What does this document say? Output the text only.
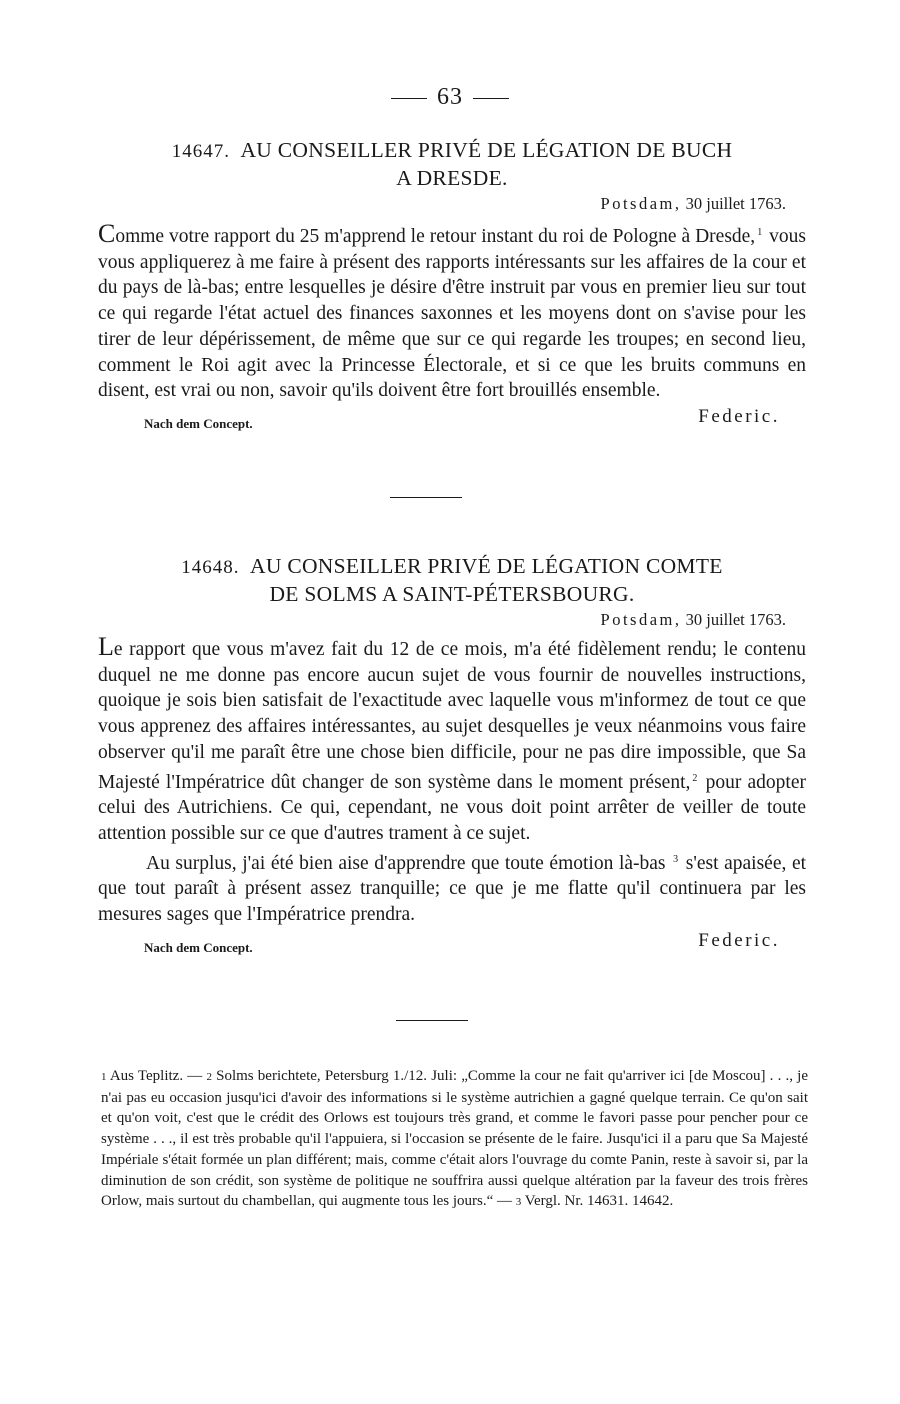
63
14647. AU CONSEILLER PRIVÉ DE LÉGATION DE BUCH
A DRESDE.
Potsdam, 30 juillet 1763.

Comme votre rapport du 25 m'apprend le retour instant du roi de Pologne à Dresde, $^1$ vous vous appliquerez à me faire à présent des rapports intéressants sur les affaires de la cour et du pays de là-bas; entre lesquelles je désire d'être instruit par vous en premier lieu sur tout ce qui regarde l'état actuel des finances saxonnes et les moyens dont on s'avise pour les tirer de leur dépérissement, de même que sur ce qui regarde les troupes; en second lieu, comment le Roi agit avec la Princesse Électorale, et si ce que les bruits communs en disent, est vrai ou non, savoir qu'ils doivent être fort brouillés ensemble.

Nach dem Concept.	Federic.
14648. AU CONSEILLER PRIVÉ DE LÉGATION COMTE
DE SOLMS A SAINT-PÉTERSBOURG.
Potsdam, 30 juillet 1763.

Le rapport que vous m'avez fait du 12 de ce mois, m'a été fidèlement rendu; le contenu duquel ne me donne pas encore aucun sujet de vous fournir de nouvelles instructions, quoique je sois bien satisfait de l'exactitude avec laquelle vous m'informez de tout ce que vous apprenez des affaires intéressantes, au sujet desquelles je veux néanmoins vous faire observer qu'il me paraît être une chose bien difficile, pour ne pas dire impossible, que Sa Majesté l'Impératrice dût changer de son système dans le moment présent, $^2$ pour adopter celui des Autrichiens. Ce qui, cependant, ne vous doit point arrêter de veiller de toute attention possible sur ce que d'autres trament à ce sujet.

Au surplus, j'ai été bien aise d'apprendre que toute émotion là-bas $^3$ s'est apaisée, et que tout paraît à présent assez tranquille; ce que je me flatte qu'il continuera par les mesures sages que l'Impératrice prendra.

Nach dem Concept.	Federic.
1 Aus Teplitz. — 2 Solms berichtete, Petersburg 1./12. Juli: „Comme la cour ne fait qu'arriver ici [de Moscou] . . ., je n'ai pas eu occasion jusqu'ici d'avoir des informations si le système autrichien a gagné quelque terrain. Ce qu'on sait et qu'on voit, c'est que le crédit des Orlows est toujours très grand, et comme le favori passe pour pencher pour ce système . . ., il est très probable qu'il l'appuiera, si l'occasion se présente de le faire. Jusqu'ici il a paru que Sa Majesté Impériale s'était formée un plan différent; mais, comme c'était alors l'ouvrage du comte Panin, reste à savoir si, par la diminution de son crédit, son système de politique ne souffrira aussi quelque altération par la faveur des trois frères Orlow, mais surtout du chambellan, qui augmente tous les jours.“ — 3 Vergl. Nr. 14631. 14642.
